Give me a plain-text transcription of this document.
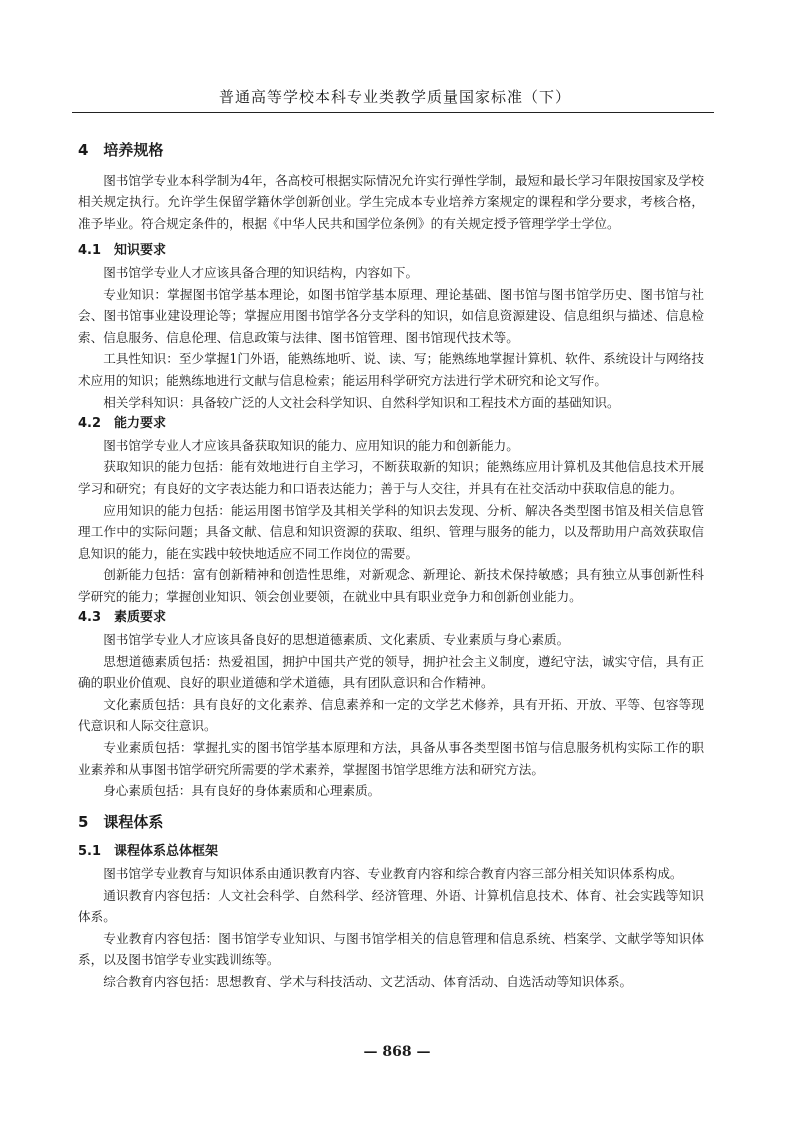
普通高等学校本科专业类教学质量国家标准（下）
4　培养规格

图书馆学专业本科学制为4年，各高校可根据实际情况允许实行弹性学制，最短和最长学习年限按国家及学校相关规定执行。允许学生保留学籍休学创新创业。学生完成本专业培养方案规定的课程和学分要求，考核合格，准予毕业。符合规定条件的，根据《中华人民共和国学位条例》的有关规定授予管理学学士学位。

4.1　知识要求

图书馆学专业人才应该具备合理的知识结构，内容如下。

专业知识：掌握图书馆学基本理论，如图书馆学基本原理、理论基础、图书馆与图书馆学历史、图书馆与社会、图书馆事业建设理论等；掌握应用图书馆学各分支学科的知识，如信息资源建设、信息组织与描述、信息检索、信息服务、信息伦理、信息政策与法律、图书馆管理、图书馆现代技术等。

工具性知识：至少掌握1门外语，能熟练地听、说、读、写；能熟练地掌握计算机、软件、系统设计与网络技术应用的知识；能熟练地进行文献与信息检索；能运用科学研究方法进行学术研究和论文写作。

相关学科知识：具备较广泛的人文社会科学知识、自然科学知识和工程技术方面的基础知识。

4.2　能力要求

图书馆学专业人才应该具备获取知识的能力、应用知识的能力和创新能力。

获取知识的能力包括：能有效地进行自主学习，不断获取新的知识；能熟练应用计算机及其他信息技术开展学习和研究；有良好的文字表达能力和口语表达能力；善于与人交往，并具有在社交活动中获取信息的能力。

应用知识的能力包括：能运用图书馆学及其相关学科的知识去发现、分析、解决各类型图书馆及相关信息管理工作中的实际问题；具备文献、信息和知识资源的获取、组织、管理与服务的能力，以及帮助用户高效获取信息知识的能力，能在实践中较快地适应不同工作岗位的需要。

创新能力包括：富有创新精神和创造性思维，对新观念、新理论、新技术保持敏感；具有独立从事创新性科学研究的能力；掌握创业知识、领会创业要领，在就业中具有职业竞争力和创新创业能力。

4.3　素质要求

图书馆学专业人才应该具备良好的思想道德素质、文化素质、专业素质与身心素质。

思想道德素质包括：热爱祖国，拥护中国共产党的领导，拥护社会主义制度，遵纪守法，诚实守信，具有正确的职业价值观、良好的职业道德和学术道德，具有团队意识和合作精神。

文化素质包括：具有良好的文化素养、信息素养和一定的文学艺术修养，具有开拓、开放、平等、包容等现代意识和人际交往意识。

专业素质包括：掌握扎实的图书馆学基本原理和方法，具备从事各类型图书馆与信息服务机构实际工作的职业素养和从事图书馆学研究所需要的学术素养，掌握图书馆学思维方法和研究方法。

身心素质包括：具有良好的身体素质和心理素质。

5　课程体系
5.1　课程体系总体框架

图书馆学专业教育与知识体系由通识教育内容、专业教育内容和综合教育内容三部分相关知识体系构成。

通识教育内容包括：人文社会科学、自然科学、经济管理、外语、计算机信息技术、体育、社会实践等知识体系。

专业教育内容包括：图书馆学专业知识、与图书馆学相关的信息管理和信息系统、档案学、文献学等知识体系，以及图书馆学专业实践训练等。

综合教育内容包括：思想教育、学术与科技活动、文艺活动、体育活动、自选活动等知识体系。

— 868 —
